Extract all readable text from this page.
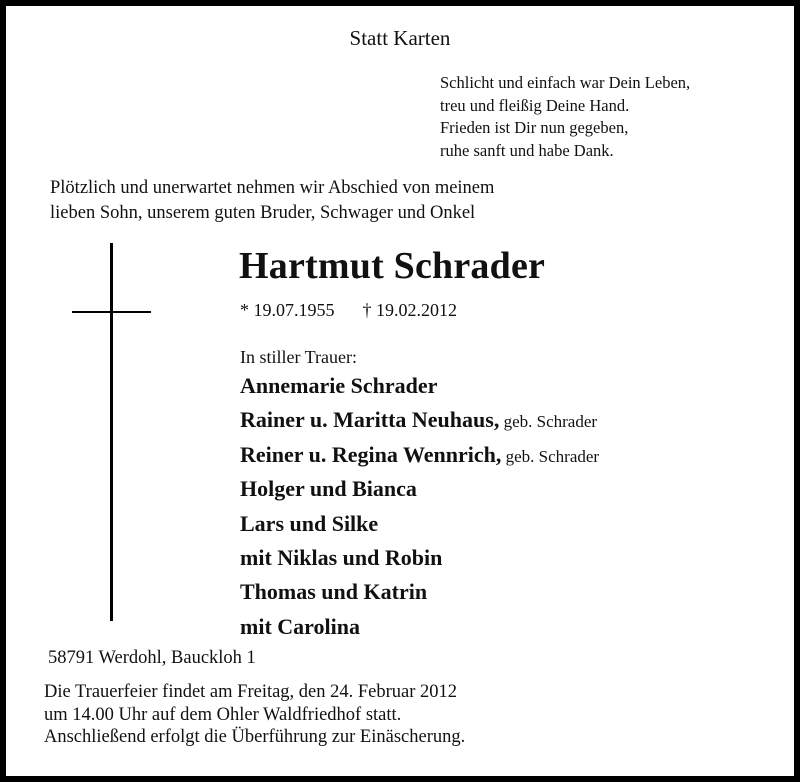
Statt Karten
Schlicht und einfach war Dein Leben,
treu und fleißig Deine Hand.
Frieden ist Dir nun gegeben,
ruhe sanft und habe Dank.
Plötzlich und unerwartet nehmen wir Abschied von meinem
lieben Sohn, unserem guten Bruder, Schwager und Onkel
Hartmut Schrader
* 19.07.1955 † 19.02.2012
In stiller Trauer:
Annemarie Schrader
Rainer u. Maritta Neuhaus, geb. Schrader
Reiner u. Regina Wennrich, geb. Schrader
Holger und Bianca
Lars und Silke
mit Niklas und Robin
Thomas und Katrin
mit Carolina
58791 Werdohl, Bauckloh 1
Die Trauerfeier findet am Freitag, den 24. Februar 2012
um 14.00 Uhr auf dem Ohler Waldfriedhof statt.
Anschließend erfolgt die Überführung zur Einäscherung.
